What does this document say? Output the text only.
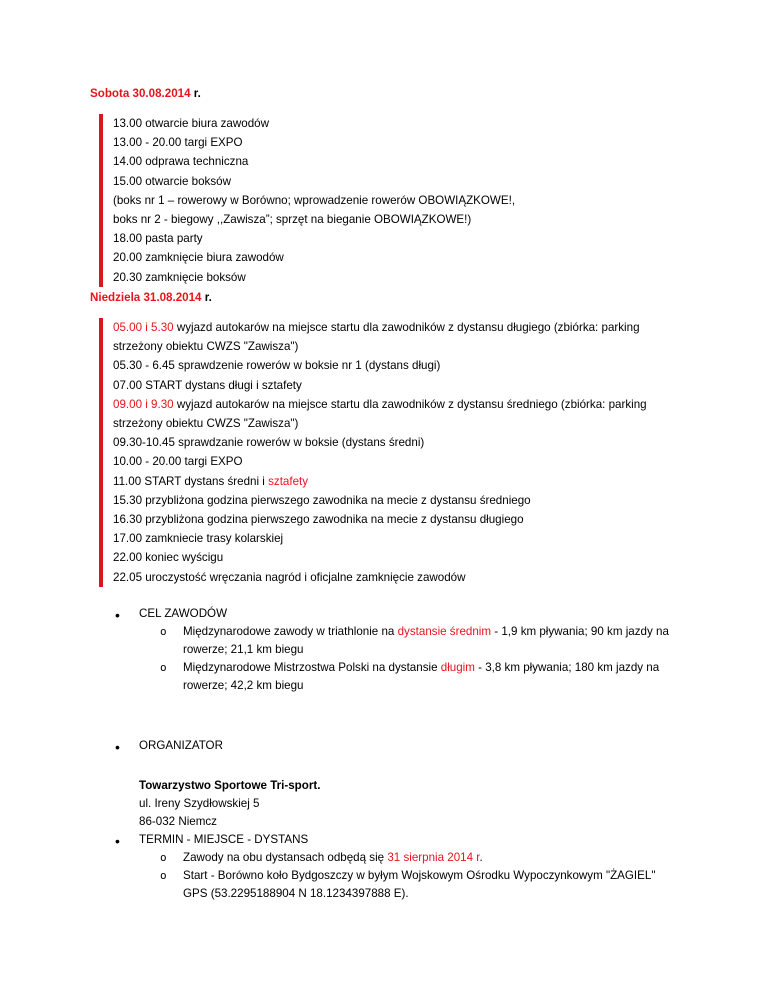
Sobota 30.08.2014 r.
13.00 otwarcie biura zawodów
13.00 - 20.00 targi EXPO
14.00 odprawa techniczna
15.00 otwarcie boksów
(boks nr 1 – rowerowy w Borówno; wprowadzenie rowerów OBOWIĄZKOWE!,
boks nr 2 - biegowy ,,Zawisza”; sprzęt na bieganie OBOWIĄZKOWE!)
18.00 pasta party
20.00 zamknięcie biura zawodów
20.30 zamknięcie boksów
Niedziela 31.08.2014 r.
05.00 i 5.30 wyjazd autokarów na miejsce startu dla zawodników z dystansu długiego (zbiórka: parking
strzeżony obiektu CWZS "Zawisza")
05.30 - 6.45 sprawdzenie rowerów w boksie nr 1 (dystans długi)
07.00 START dystans długi i sztafety
09.00 i 9.30 wyjazd autokarów na miejsce startu dla zawodników z dystansu średniego (zbiórka: parking
strzeżony obiektu CWZS "Zawisza")
09.30-10.45 sprawdzanie rowerów w boksie (dystans średni)
10.00 - 20.00 targi EXPO
11.00 START dystans średni i sztafety
15.30 przybliżona godzina pierwszego zawodnika na mecie z dystansu średniego
16.30 przybliżona godzina pierwszego zawodnika na mecie z dystansu długiego
17.00 zamkniecie trasy kolarskiej
22.00 koniec wyścigu
22.05 uroczystość wręczania nagród i oficjalne zamknięcie zawodów
• CEL ZAWODÓW
o Międzynarodowe zawody w triathlonie na dystansie średnim - 1,9 km pływania; 90 km jazdy na rowerze; 21,1 km biegu
o Międzynarodowe Mistrzostwa Polski na dystansie długim - 3,8 km pływania; 180 km jazdy na rowerze; 42,2 km biegu
• ORGANIZATOR
Towarzystwo Sportowe Tri-sport.
ul. Ireny Szydłowskiej 5
86-032 Niemcz
• TERMIN - MIEJSCE - DYSTANS
o Zawody na obu dystansach odbędą się 31 sierpnia 2014 r.
o Start - Borówno koło Bydgoszczy w byłym Wojskowym Ośrodku Wypoczynkowym "ŻAGIEL" GPS (53.2295188904 N 18.1234397888 E).
